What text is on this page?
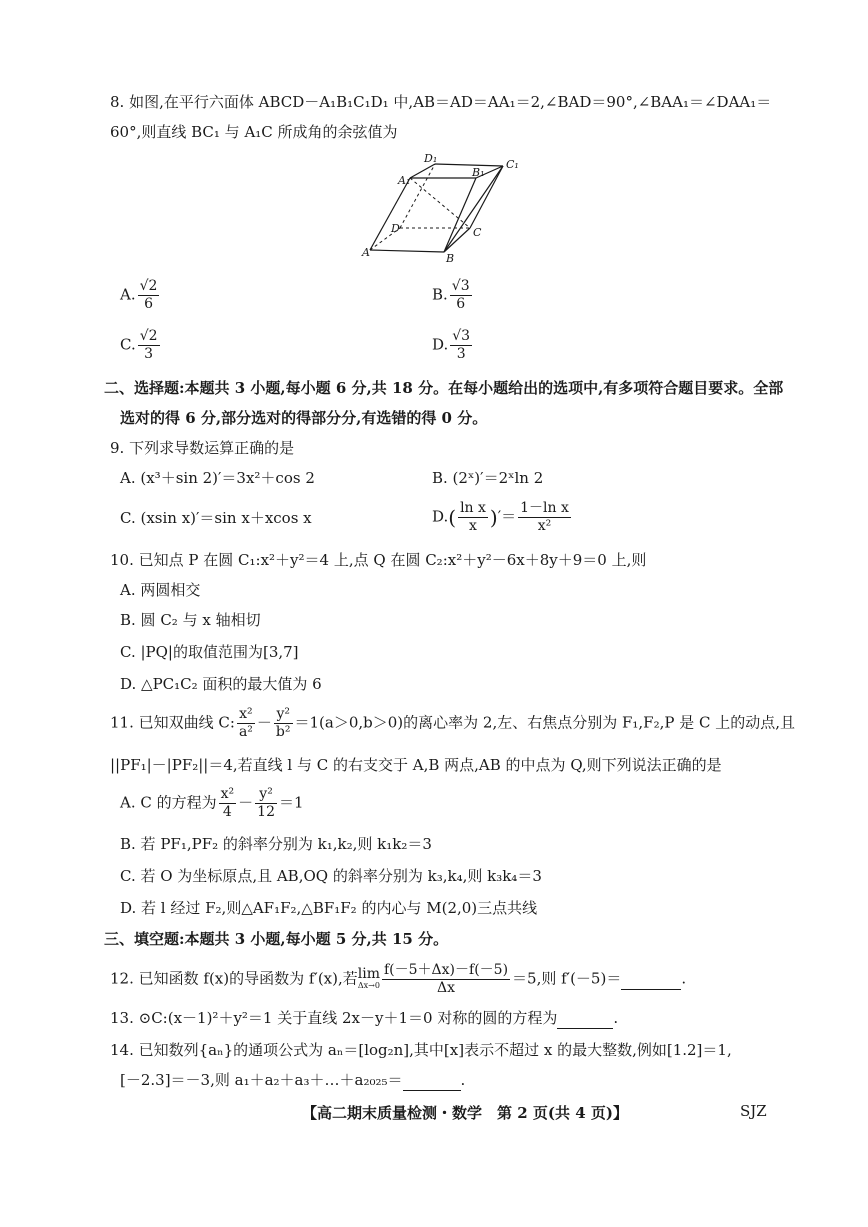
8. 如图,在平行六面体 ABCD－A₁B₁C₁D₁ 中,AB＝AD＝AA₁＝2,∠BAD＝90°,∠BAA₁＝∠DAA₁＝
60°,则直线 BC₁ 与 A₁C 所成角的余弦值为
D₁	C₁
A₁
B₁
D	C
A	B
A. $\frac{√2}{6}$	B. $\frac{√3}{6}$
C. $\frac{√2}{3}$	D. $\frac{√3}{3}$
二、选择题:本题共 3 小题,每小题 6 分,共 18 分。在每小题给出的选项中,有多项符合题目要求。全部
选对的得 6 分,部分选对的得部分分,有选错的得 0 分。
9. 下列求导数运算正确的是
A. (x³＋sin 2)′＝3x²＋cos 2	B. (2ˣ)′＝2ˣln 2
C. (xsin x)′＝sin x＋xcos x	$D.( \frac{\text{ln x}}{x}$ )′＝ $\frac{\text{1－ln x}}{\text{x²}}$
10. 已知点 P 在圆 C₁:x²＋y²＝4 上,点 Q 在圆 C₂:x²＋y²－6x＋8y＋9＝0 上,则
A. 两圆相交
B. 圆 C₂ 与 x 轴相切
C. |PQ|的取值范围为[3,7]
D. △PC₁C₂ 面积的最大值为 6
11. 已知双曲线 C: $\frac{\text{x²}}{\text{a²}} - \frac{\text{y²}}{\text{b²}} =1(a>0,b>0)$的离心率为 2,左、右焦点分别为 F₁,F₂,P 是 C 上的动点,且
||PF₁|－|PF₂||＝4,若直线 l 与 C 的右支交于 A,B 两点,AB 的中点为 Q,则下列说法正确的是
A. C 的方程为 $\frac{\text{x²}}{4} - \frac{\text{y²}}{12} =1$
B. 若 PF₁,PF₂ 的斜率分别为 k₁,k₂,则 k₁k₂＝3
C. 若 O 为坐标原点,且 AB,OQ 的斜率分别为 k₃,k₄,则 k₃k₄＝3
D. 若 l 经过 F₂,则△AF₁F₂,△BF₁F₂ 的内心与 M(2,0)三点共线
三、填空题:本题共 3 小题,每小题 5 分,共 15 分。
12. 已知函数 f(x)的导函数为 f′(x),若 lim
$\Delta x\to 0 \frac{f(-5+\Delta x)-f(-5)}{\Delta x} =5$,则 f′(－5)＝	.
13. ⊙C:(x－1)²＋y²＝1 关于直线 2x－y＋1＝0 对称的圆的方程为	.
14. 已知数列{aₙ}的通项公式为 aₙ＝[log₂n],其中[x]表示不超过 x 的最大整数,例如[1.2]＝1,
[－2.3]＝－3,则 a₁＋a₂＋a₃＋…＋a₂₀₂₅＝	.
【高二期末质量检测・数学　第 2 页(共 4 页)】	SJZ
